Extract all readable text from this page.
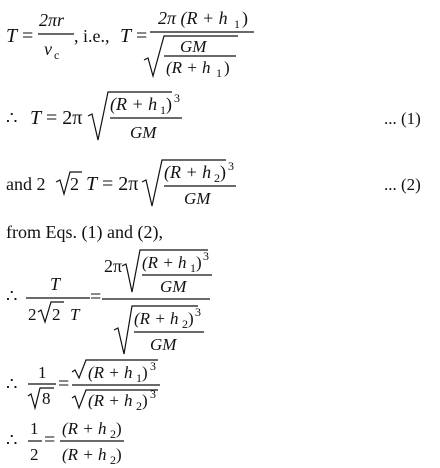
T =
2πr
v c
, i.e., T =
2π (R + h 1 )
GM
(R + h 1 )
∴ T = 2π
(R + h 1 ) 3
GM
... (1)
and 2 2 T = 2π
(R + h 2 ) 3
GM
... (2)
from Eqs. (1) and (2),
∴
T
2 2 T
=
2π (R + h 1 ) 3
GM
(R + h 2 ) 3
GM
∴
1
8
=
(R + h 1 ) 3
(R + h 2 ) 3
∴
1
2
=
(R + h 2 )
(R + h 2 )
